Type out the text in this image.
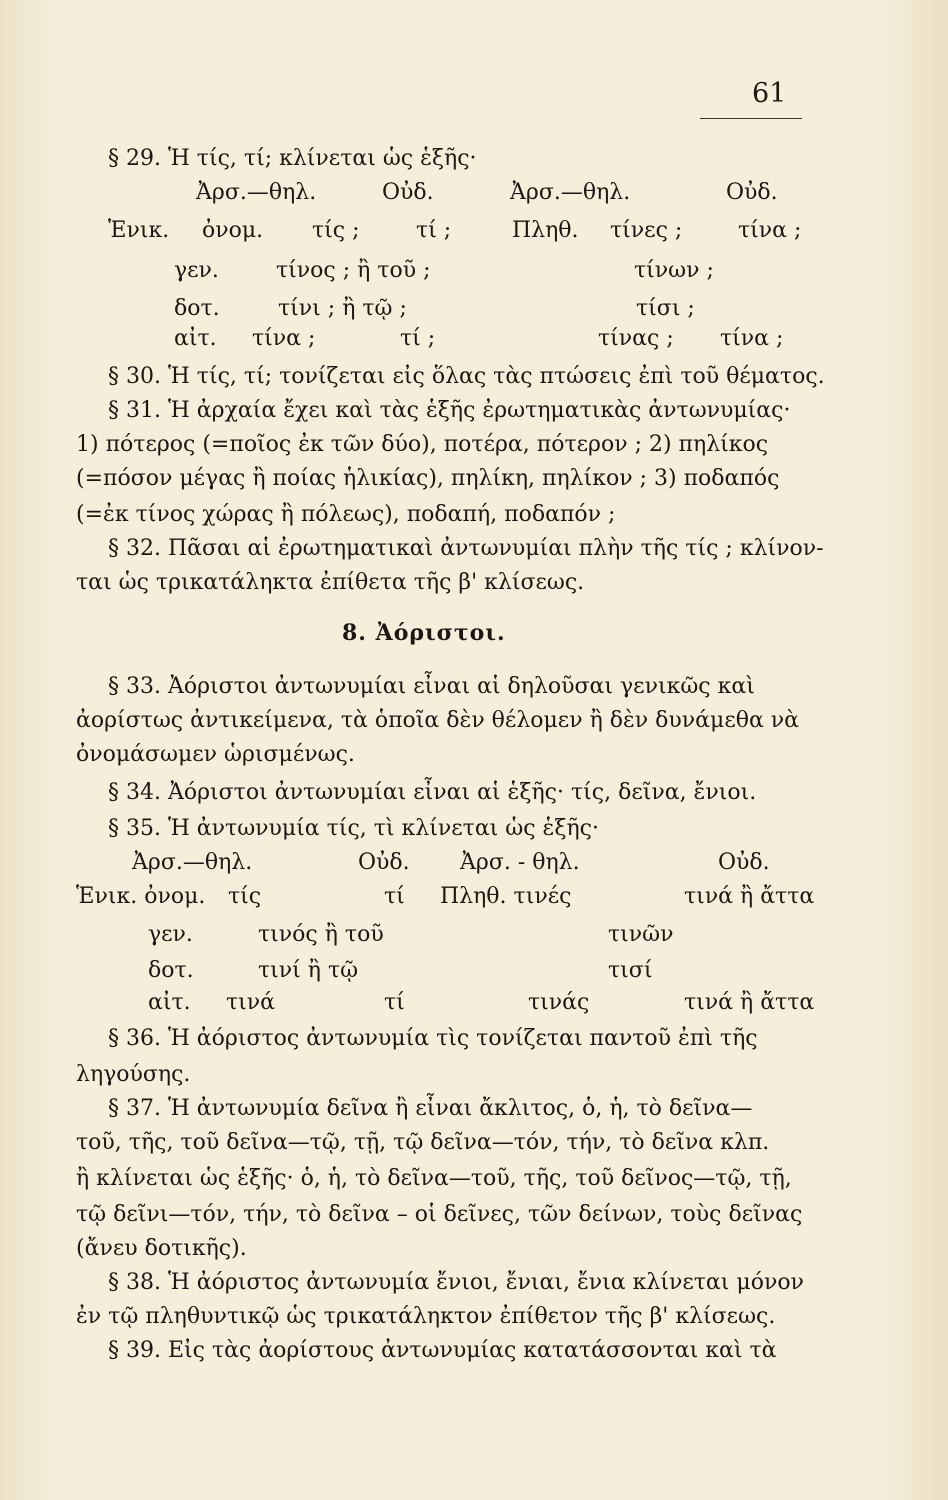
61
§ 29. Ἡ τίς, τί; κλίνεται ὡς ἑξῆς·
Ἀρσ.—θηλ.	Οὐδ.	Ἀρσ.—θηλ.	Οὐδ.
Ἑνικ. ὀνομ. τίς ;	τί ;	Πληθ. τίνες ;	τίνα ;
γεν.	τίνος ; ἢ τοῦ ;	τίνων ;
δοτ.	τίνι ; ἢ τῷ ;	τίσι ;
αἰτ. τίνα ;	τί ;	τίνας ; τίνα ;
§ 30. Ἡ τίς, τί; τονίζεται εἰς ὅλας τὰς πτώσεις ἐπὶ τοῦ θέματος.
§ 31. Ἡ ἀρχαία ἔχει καὶ τὰς ἑξῆς ἐρωτηματικὰς ἀντωνυμίας·
1) πότερος (=ποῖος ἐκ τῶν δύο), ποτέρα, πότερον ; 2) πηλίκος
(=πόσον μέγας ἢ ποίας ἡλικίας), πηλίκη, πηλίκον ; 3) ποδαπός
(=ἐκ τίνος χώρας ἢ πόλεως), ποδαπή, ποδαπόν ;
§ 32. Πᾶσαι αἱ ἐρωτηματικαὶ ἀντωνυμίαι πλὴν τῆς τίς ; κλίνον-
ται ὡς τρικατάληκτα ἐπίθετα τῆς β' κλίσεως.
8. Ἀόριστοι.
§ 33. Ἀόριστοι ἀντωνυμίαι εἶναι αἱ δηλοῦσαι γενικῶς καὶ
ἀορίστως ἀντικείμενα, τὰ ὁποῖα δὲν θέλομεν ἢ δὲν δυνάμεθα νὰ
ὀνομάσωμεν ὡρισμένως.
§ 34. Ἀόριστοι ἀντωνυμίαι εἶναι αἱ ἑξῆς· τίς, δεῖνα, ἔνιοι.
§ 35. Ἡ ἀντωνυμία τίς, τὶ κλίνεται ὡς ἑξῆς·
Ἀρσ.—θηλ.	Οὐδ. Ἀρσ. - θηλ.	Οὐδ.
Ἑνικ. ὀνομ. τίς	τί Πληθ. τινές	τινά ἢ ἄττα
γεν.	τινός ἢ τοῦ	τινῶν
δοτ.	τινί ἢ τῷ	τισί
αἰτ. τινά	τί	τινάς	τινά ἢ ἄττα
§ 36. Ἡ ἀόριστος ἀντωνυμία τὶς τονίζεται παντοῦ ἐπὶ τῆς
ληγούσης.
§ 37. Ἡ ἀντωνυμία δεῖνα ἢ εἶναι ἄκλιτος, ὁ, ἡ, τὸ δεῖνα—
τοῦ, τῆς, τοῦ δεῖνα—τῷ, τῇ, τῷ δεῖνα—τόν, τήν, τὸ δεῖνα κλπ.
ἢ κλίνεται ὡς ἑξῆς· ὁ, ἡ, τὸ δεῖνα—τοῦ, τῆς, τοῦ δεῖνος—τῷ, τῇ,
τῷ δεῖνι—τόν, τήν, τὸ δεῖνα – οἱ δεῖνες, τῶν δείνων, τοὺς δεῖνας
(ἄνευ δοτικῆς).
§ 38. Ἡ ἀόριστος ἀντωνυμία ἔνιοι, ἔνιαι, ἔνια κλίνεται μόνον
ἐν τῷ πληθυντικῷ ὡς τρικατάληκτον ἐπίθετον τῆς β' κλίσεως.
§ 39. Εἰς τὰς ἀορίστους ἀντωνυμίας κατατάσσονται καὶ τὰ
